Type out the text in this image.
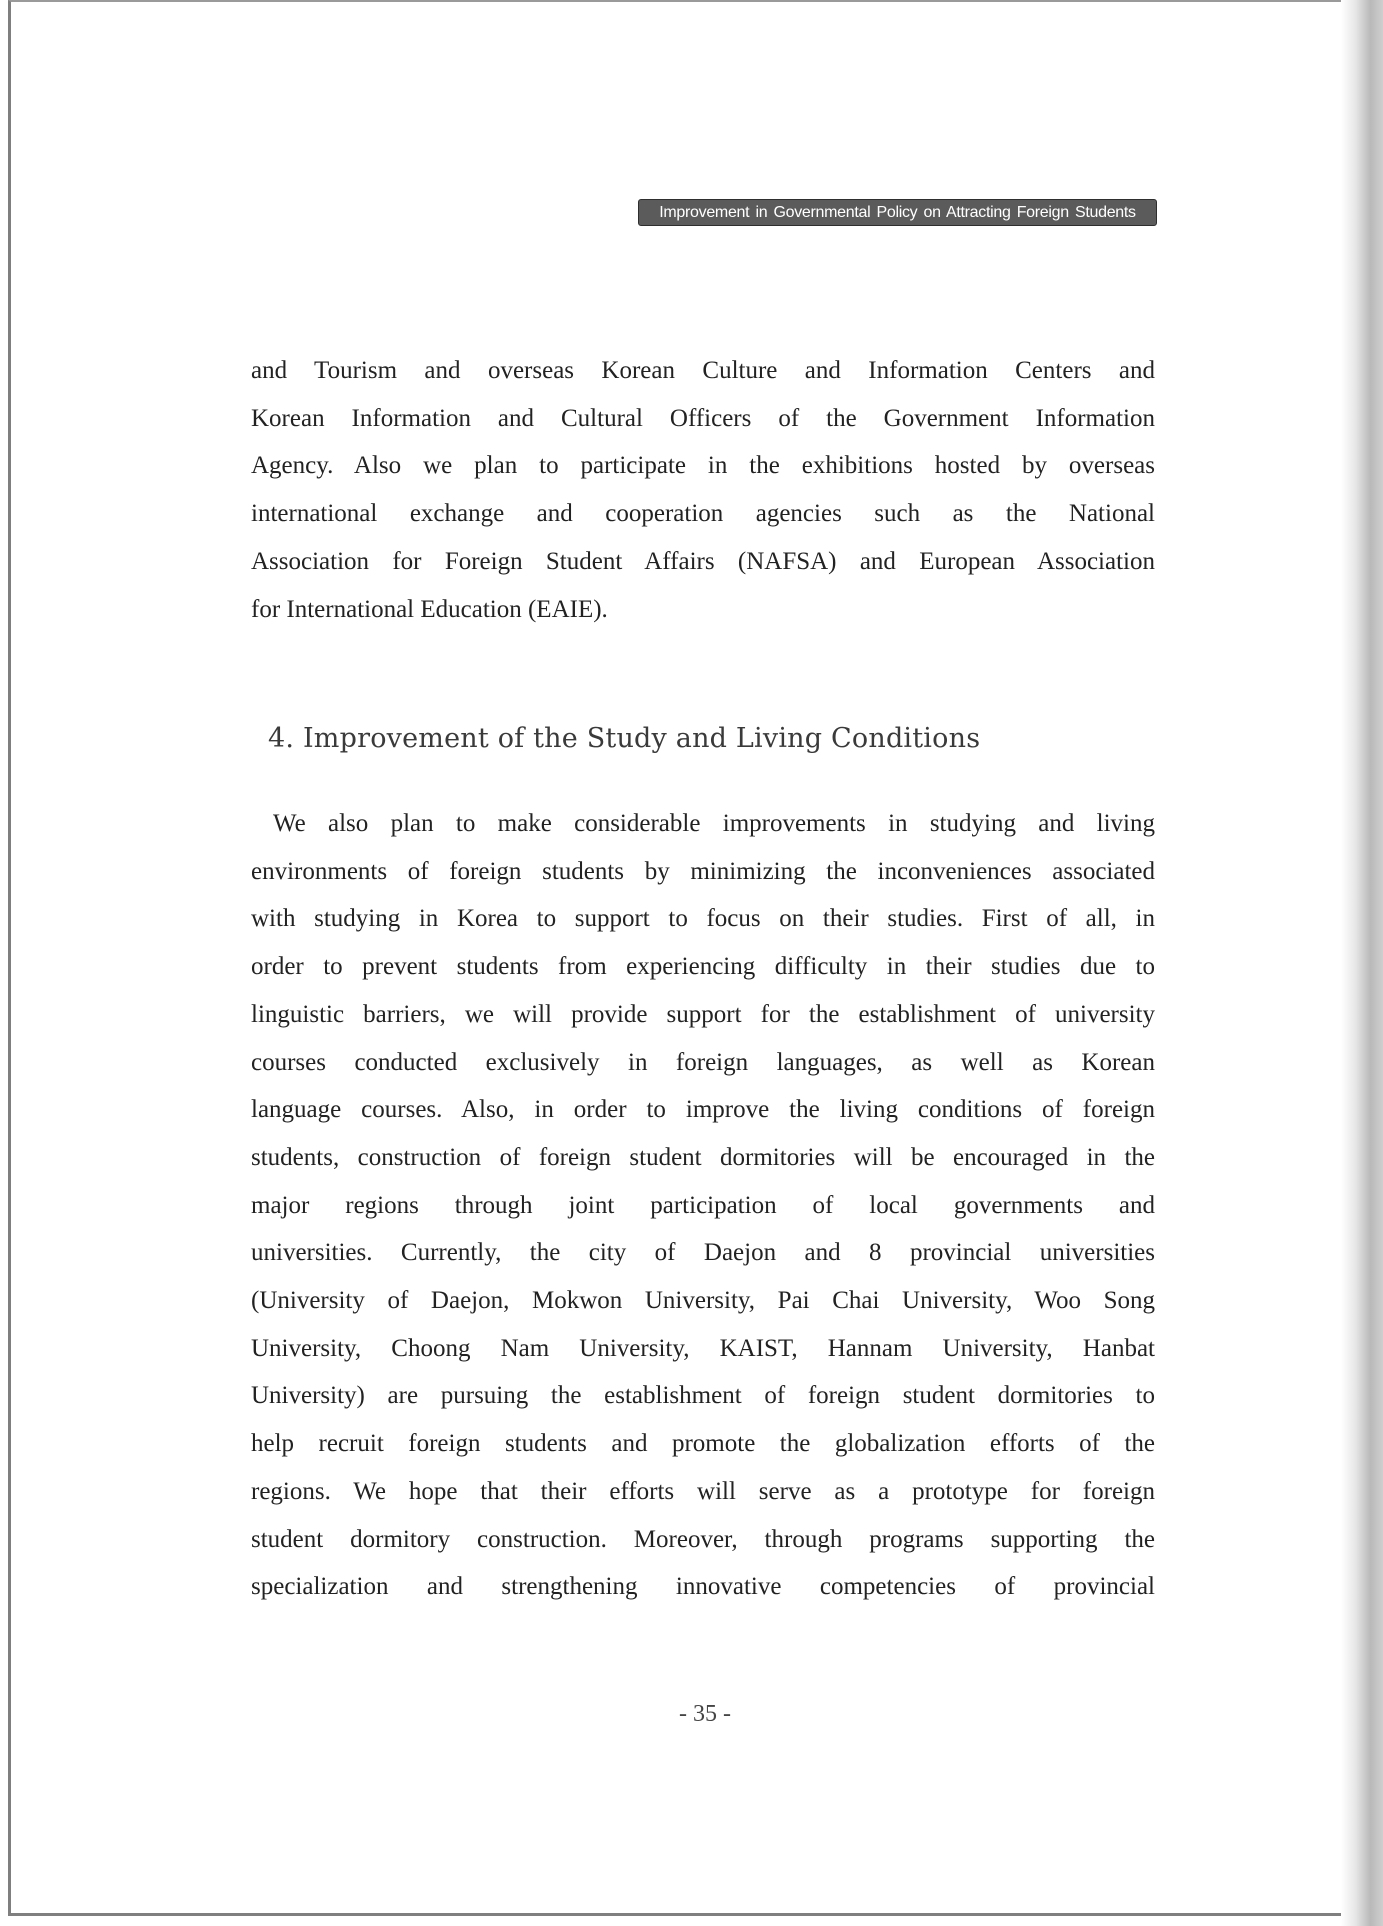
Improvement in Governmental Policy on Attracting Foreign Students
and Tourism and overseas Korean Culture and Information Centers and
Korean Information and Cultural Officers of the Government Information
Agency. Also we plan to participate in the exhibitions hosted by overseas
international exchange and cooperation agencies such as the National
Association for Foreign Student Affairs (NAFSA) and European Association
for International Education (EAIE).
4. Improvement of the Study and Living Conditions
We also plan to make considerable improvements in studying and living
environments of foreign students by minimizing the inconveniences associated
with studying in Korea to support to focus on their studies. First of all, in
order to prevent students from experiencing difficulty in their studies due to
linguistic barriers, we will provide support for the establishment of university
courses conducted exclusively in foreign languages, as well as Korean
language courses. Also, in order to improve the living conditions of foreign
students, construction of foreign student dormitories will be encouraged in the
major regions through joint participation of local governments and
universities. Currently, the city of Daejon and 8 provincial universities
(University of Daejon, Mokwon University, Pai Chai University, Woo Song
University, Choong Nam University, KAIST, Hannam University, Hanbat
University) are pursuing the establishment of foreign student dormitories to
help recruit foreign students and promote the globalization efforts of the
regions. We hope that their efforts will serve as a prototype for foreign
student dormitory construction. Moreover, through programs supporting the
specialization and strengthening innovative competencies of provincial
- 35 -
